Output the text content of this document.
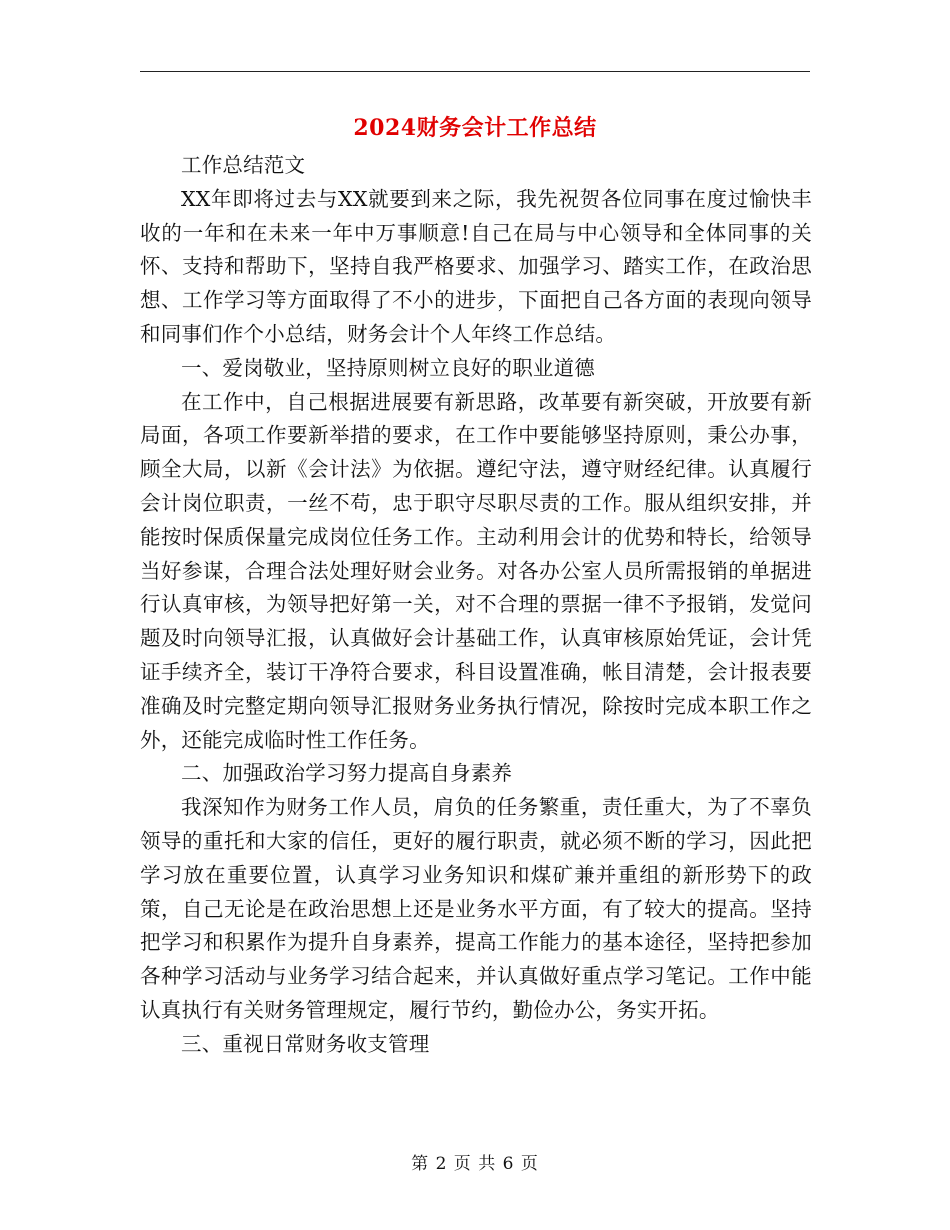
2024财务会计工作总结

工作总结范文

XX年即将过去与XX就要到来之际，我先祝贺各位同事在度过愉快丰收的一年和在未来一年中万事顺意!自己在局与中心领导和全体同事的关怀、支持和帮助下，坚持自我严格要求、加强学习、踏实工作，在政治思想、工作学习等方面取得了不小的进步，下面把自己各方面的表现向领导和同事们作个小总结，财务会计个人年终工作总结。

一、爱岗敬业，坚持原则树立良好的职业道德

在工作中，自己根据进展要有新思路，改革要有新突破，开放要有新局面，各项工作要新举措的要求，在工作中要能够坚持原则，秉公办事，顾全大局，以新《会计法》为依据。遵纪守法，遵守财经纪律。认真履行会计岗位职责，一丝不苟，忠于职守尽职尽责的工作。服从组织安排，并能按时保质保量完成岗位任务工作。主动利用会计的优势和特长，给领导当好参谋，合理合法处理好财会业务。对各办公室人员所需报销的单据进行认真审核，为领导把好第一关，对不合理的票据一律不予报销，发觉问题及时向领导汇报，认真做好会计基础工作，认真审核原始凭证，会计凭证手续齐全，装订干净符合要求，科目设置准确，帐目清楚，会计报表要准确及时完整定期向领导汇报财务业务执行情况，除按时完成本职工作之外，还能完成临时性工作任务。

二、加强政治学习努力提高自身素养

我深知作为财务工作人员，肩负的任务繁重，责任重大，为了不辜负领导的重托和大家的信任，更好的履行职责，就必须不断的学习，因此把学习放在重要位置，认真学习业务知识和煤矿兼并重组的新形势下的政策，自己无论是在政治思想上还是业务水平方面，有了较大的提高。坚持把学习和积累作为提升自身素养，提高工作能力的基本途径，坚持把参加各种学习活动与业务学习结合起来，并认真做好重点学习笔记。工作中能认真执行有关财务管理规定，履行节约，勤俭办公，务实开拓。

三、重视日常财务收支管理

第 2 页 共 6 页
